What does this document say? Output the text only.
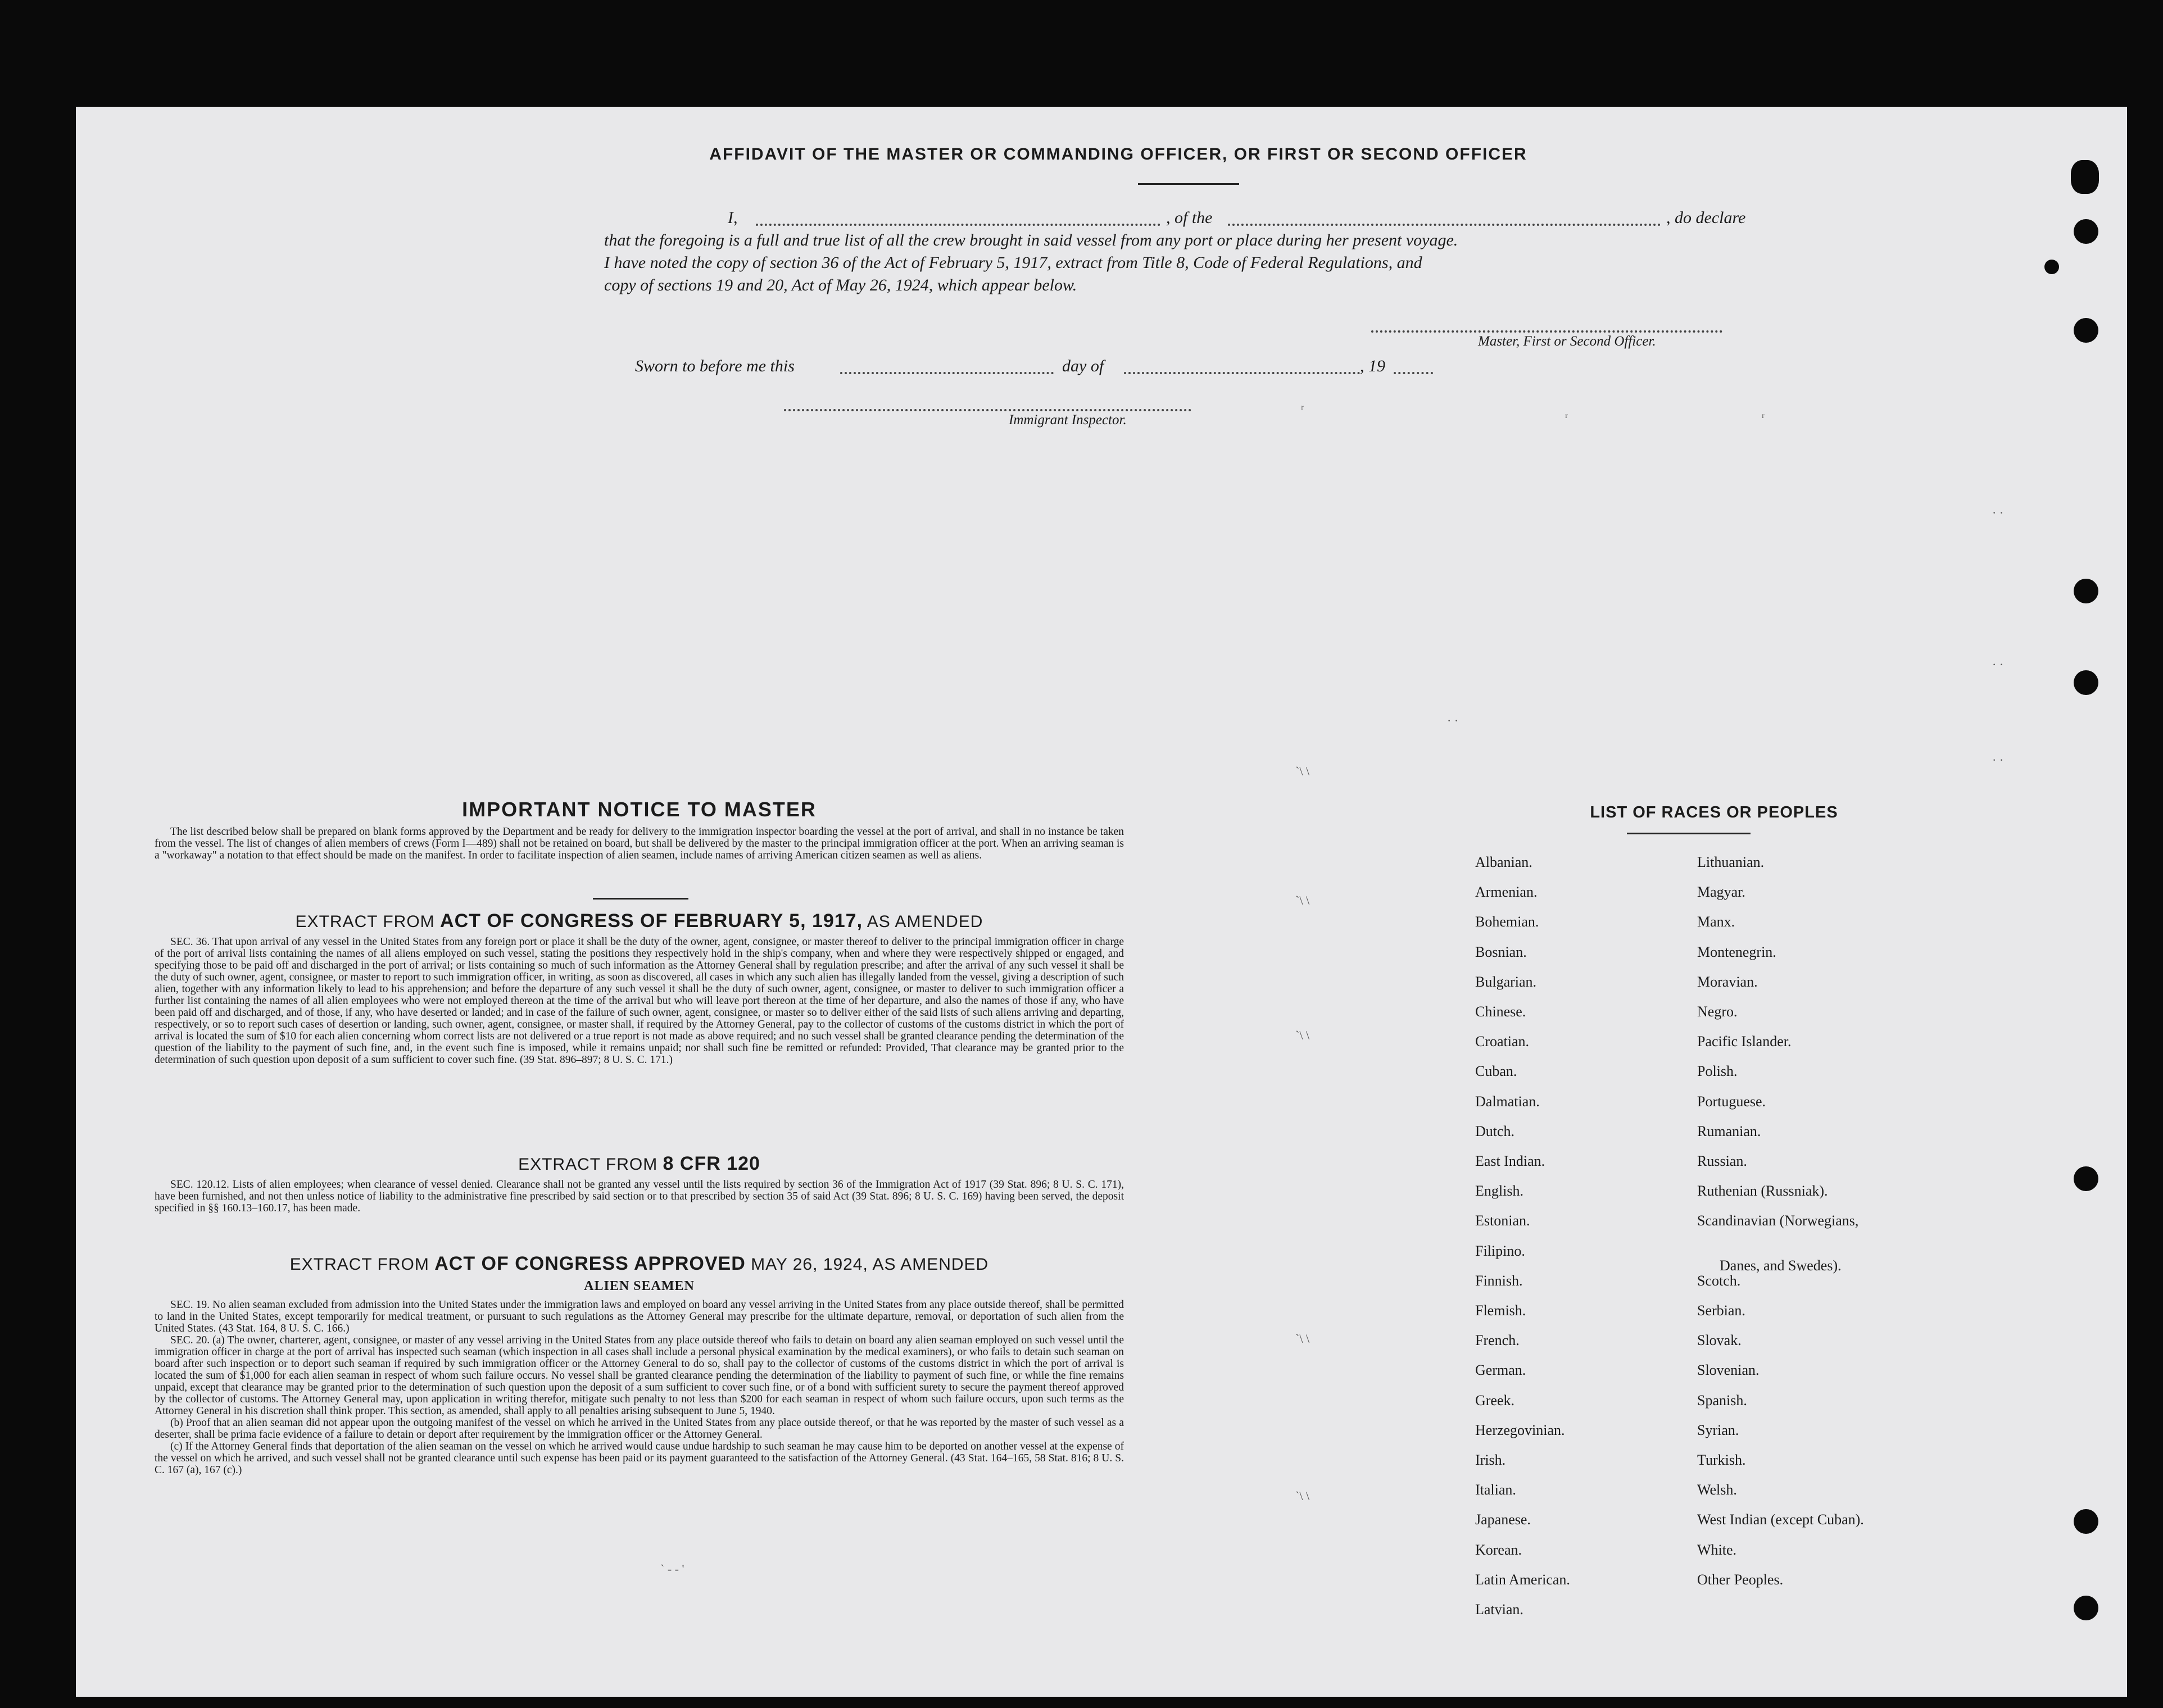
AFFIDAVIT OF THE MASTER OR COMMANDING OFFICER, OR FIRST OR SECOND OFFICER
I,	, of the	, do declare
that the foregoing is a full and true list of all the crew brought in said vessel from any port or place during her present voyage.
I have noted the copy of section 36 of the Act of February 5, 1917, extract from Title 8, Code of Federal Regulations, and
copy of sections 19 and 20, Act of May 26, 1924, which appear below.
Master, First or Second Officer.
Sworn to before me this	day of	, 19
Immigrant Inspector.
IMPORTANT NOTICE TO MASTER

The list described below shall be prepared on blank forms approved by the Department and be ready for delivery to the immigration inspector boarding the vessel at the port of arrival, and shall in no instance be taken from the vessel. The list of changes of alien members of crews (Form I—489) shall not be retained on board, but shall be delivered by the master to the principal immigration officer at the port. When an arriving seaman is a "workaway" a notation to that effect should be made on the manifest. In order to facilitate inspection of alien seamen, include names of arriving American citizen seamen as well as aliens.

EXTRACT FROM ACT OF CONGRESS OF FEBRUARY 5, 1917, AS AMENDED

SEC. 36. That upon arrival of any vessel in the United States from any foreign port or place it shall be the duty of the owner, agent, consignee, or master thereof to deliver to the principal immigration officer in charge of the port of arrival lists containing the names of all aliens employed on such vessel, stating the positions they respectively hold in the ship's company, when and where they were respectively shipped or engaged, and specifying those to be paid off and discharged in the port of arrival; or lists containing so much of such information as the Attorney General shall by regulation prescribe; and after the arrival of any such vessel it shall be the duty of such owner, agent, consignee, or master to report to such immigration officer, in writing, as soon as discovered, all cases in which any such alien has illegally landed from the vessel, giving a description of such alien, together with any information likely to lead to his apprehension; and before the departure of any such vessel it shall be the duty of such owner, agent, consignee, or master to deliver to such immigration officer a further list containing the names of all alien employees who were not employed thereon at the time of the arrival but who will leave port thereon at the time of her departure, and also the names of those if any, who have been paid off and discharged, and of those, if any, who have deserted or landed; and in case of the failure of such owner, agent, consignee, or master so to deliver either of the said lists of such aliens arriving and departing, respectively, or so to report such cases of desertion or landing, such owner, agent, consignee, or master shall, if required by the Attorney General, pay to the collector of customs of the customs district in which the port of arrival is located the sum of $10 for each alien concerning whom correct lists are not delivered or a true report is not made as above required; and no such vessel shall be granted clearance pending the determination of the question of the liability to the payment of such fine, and, in the event such fine is imposed, while it remains unpaid; nor shall such fine be remitted or refunded: Provided, That clearance may be granted prior to the determination of such question upon deposit of a sum sufficient to cover such fine. (39 Stat. 896–897; 8 U. S. C. 171.)

EXTRACT FROM 8 CFR 120

SEC. 120.12. Lists of alien employees; when clearance of vessel denied. Clearance shall not be granted any vessel until the lists required by section 36 of the Immigration Act of 1917 (39 Stat. 896; 8 U. S. C. 171), have been furnished, and not then unless notice of liability to the administrative fine prescribed by said section or to that prescribed by section 35 of said Act (39 Stat. 896; 8 U. S. C. 169) having been served, the deposit specified in §§ 160.13–160.17, has been made.

EXTRACT FROM ACT OF CONGRESS APPROVED MAY 26, 1924, AS AMENDED
ALIEN SEAMEN

SEC. 19. No alien seaman excluded from admission into the United States under the immigration laws and employed on board any vessel arriving in the United States from any place outside thereof, shall be permitted to land in the United States, except temporarily for medical treatment, or pursuant to such regulations as the Attorney General may prescribe for the ultimate departure, removal, or deportation of such alien from the United States. (43 Stat. 164, 8 U. S. C. 166.)

SEC. 20. (a) The owner, charterer, agent, consignee, or master of any vessel arriving in the United States from any place outside thereof who fails to detain on board any alien seaman employed on such vessel until the immigration officer in charge at the port of arrival has inspected such seaman (which inspection in all cases shall include a personal physical examination by the medical examiners), or who fails to detain such seaman on board after such inspection or to deport such seaman if required by such immigration officer or the Attorney General to do so, shall pay to the collector of customs of the customs district in which the port of arrival is located the sum of $1,000 for each alien seaman in respect of whom such failure occurs. No vessel shall be granted clearance pending the determination of the liability to payment of such fine, or while the fine remains unpaid, except that clearance may be granted prior to the determination of such question upon the deposit of a sum sufficient to cover such fine, or of a bond with sufficient surety to secure the payment thereof approved by the collector of customs. The Attorney General may, upon application in writing therefor, mitigate such penalty to not less than $200 for each seaman in respect of whom such failure occurs, upon such terms as the Attorney General in his discretion shall think proper. This section, as amended, shall apply to all penalties arising subsequent to June 5, 1940.

(b) Proof that an alien seaman did not appear upon the outgoing manifest of the vessel on which he arrived in the United States from any place outside thereof, or that he was reported by the master of such vessel as a deserter, shall be prima facie evidence of a failure to detain or deport after requirement by the immigration officer or the Attorney General.

(c) If the Attorney General finds that deportation of the alien seaman on the vessel on which he arrived would cause undue hardship to such seaman he may cause him to be deported on another vessel at the expense of the vessel on which he arrived, and such vessel shall not be granted clearance until such expense has been paid or its payment guaranteed to the satisfaction of the Attorney General. (43 Stat. 164–165, 58 Stat. 816; 8 U. S. C. 167 (a), 167 (c).)

LIST OF RACES OR PEOPLES
Albanian.
Armenian.
Bohemian.
Bosnian.
Bulgarian.
Chinese.
Croatian.
Cuban.
Dalmatian.
Dutch.
East Indian.
English.
Estonian.
Filipino.
Finnish.
Flemish.
French.
German.
Greek.
Herzegovinian.
Irish.
Italian.
Japanese.
Korean.
Latin American.
Latvian.
Lithuanian.
Magyar.
Manx.
Montenegrin.
Moravian.
Negro.
Pacific Islander.
Polish.
Portuguese.
Rumanian.
Russian.
Ruthenian (Russniak).
Scandinavian (Norwegians,
Danes, and Swedes).
Scotch.
Serbian.
Slovak.
Slovenian.
Spanish.
Syrian.
Turkish.
Welsh.
West Indian (except Cuban).
White.
Other Peoples.
ʳ
ʳ	ʳ
· ·
· ·
· ·
· ·
`\ \
`\ \
`\ \
`\ \
`\ \
` - - '
